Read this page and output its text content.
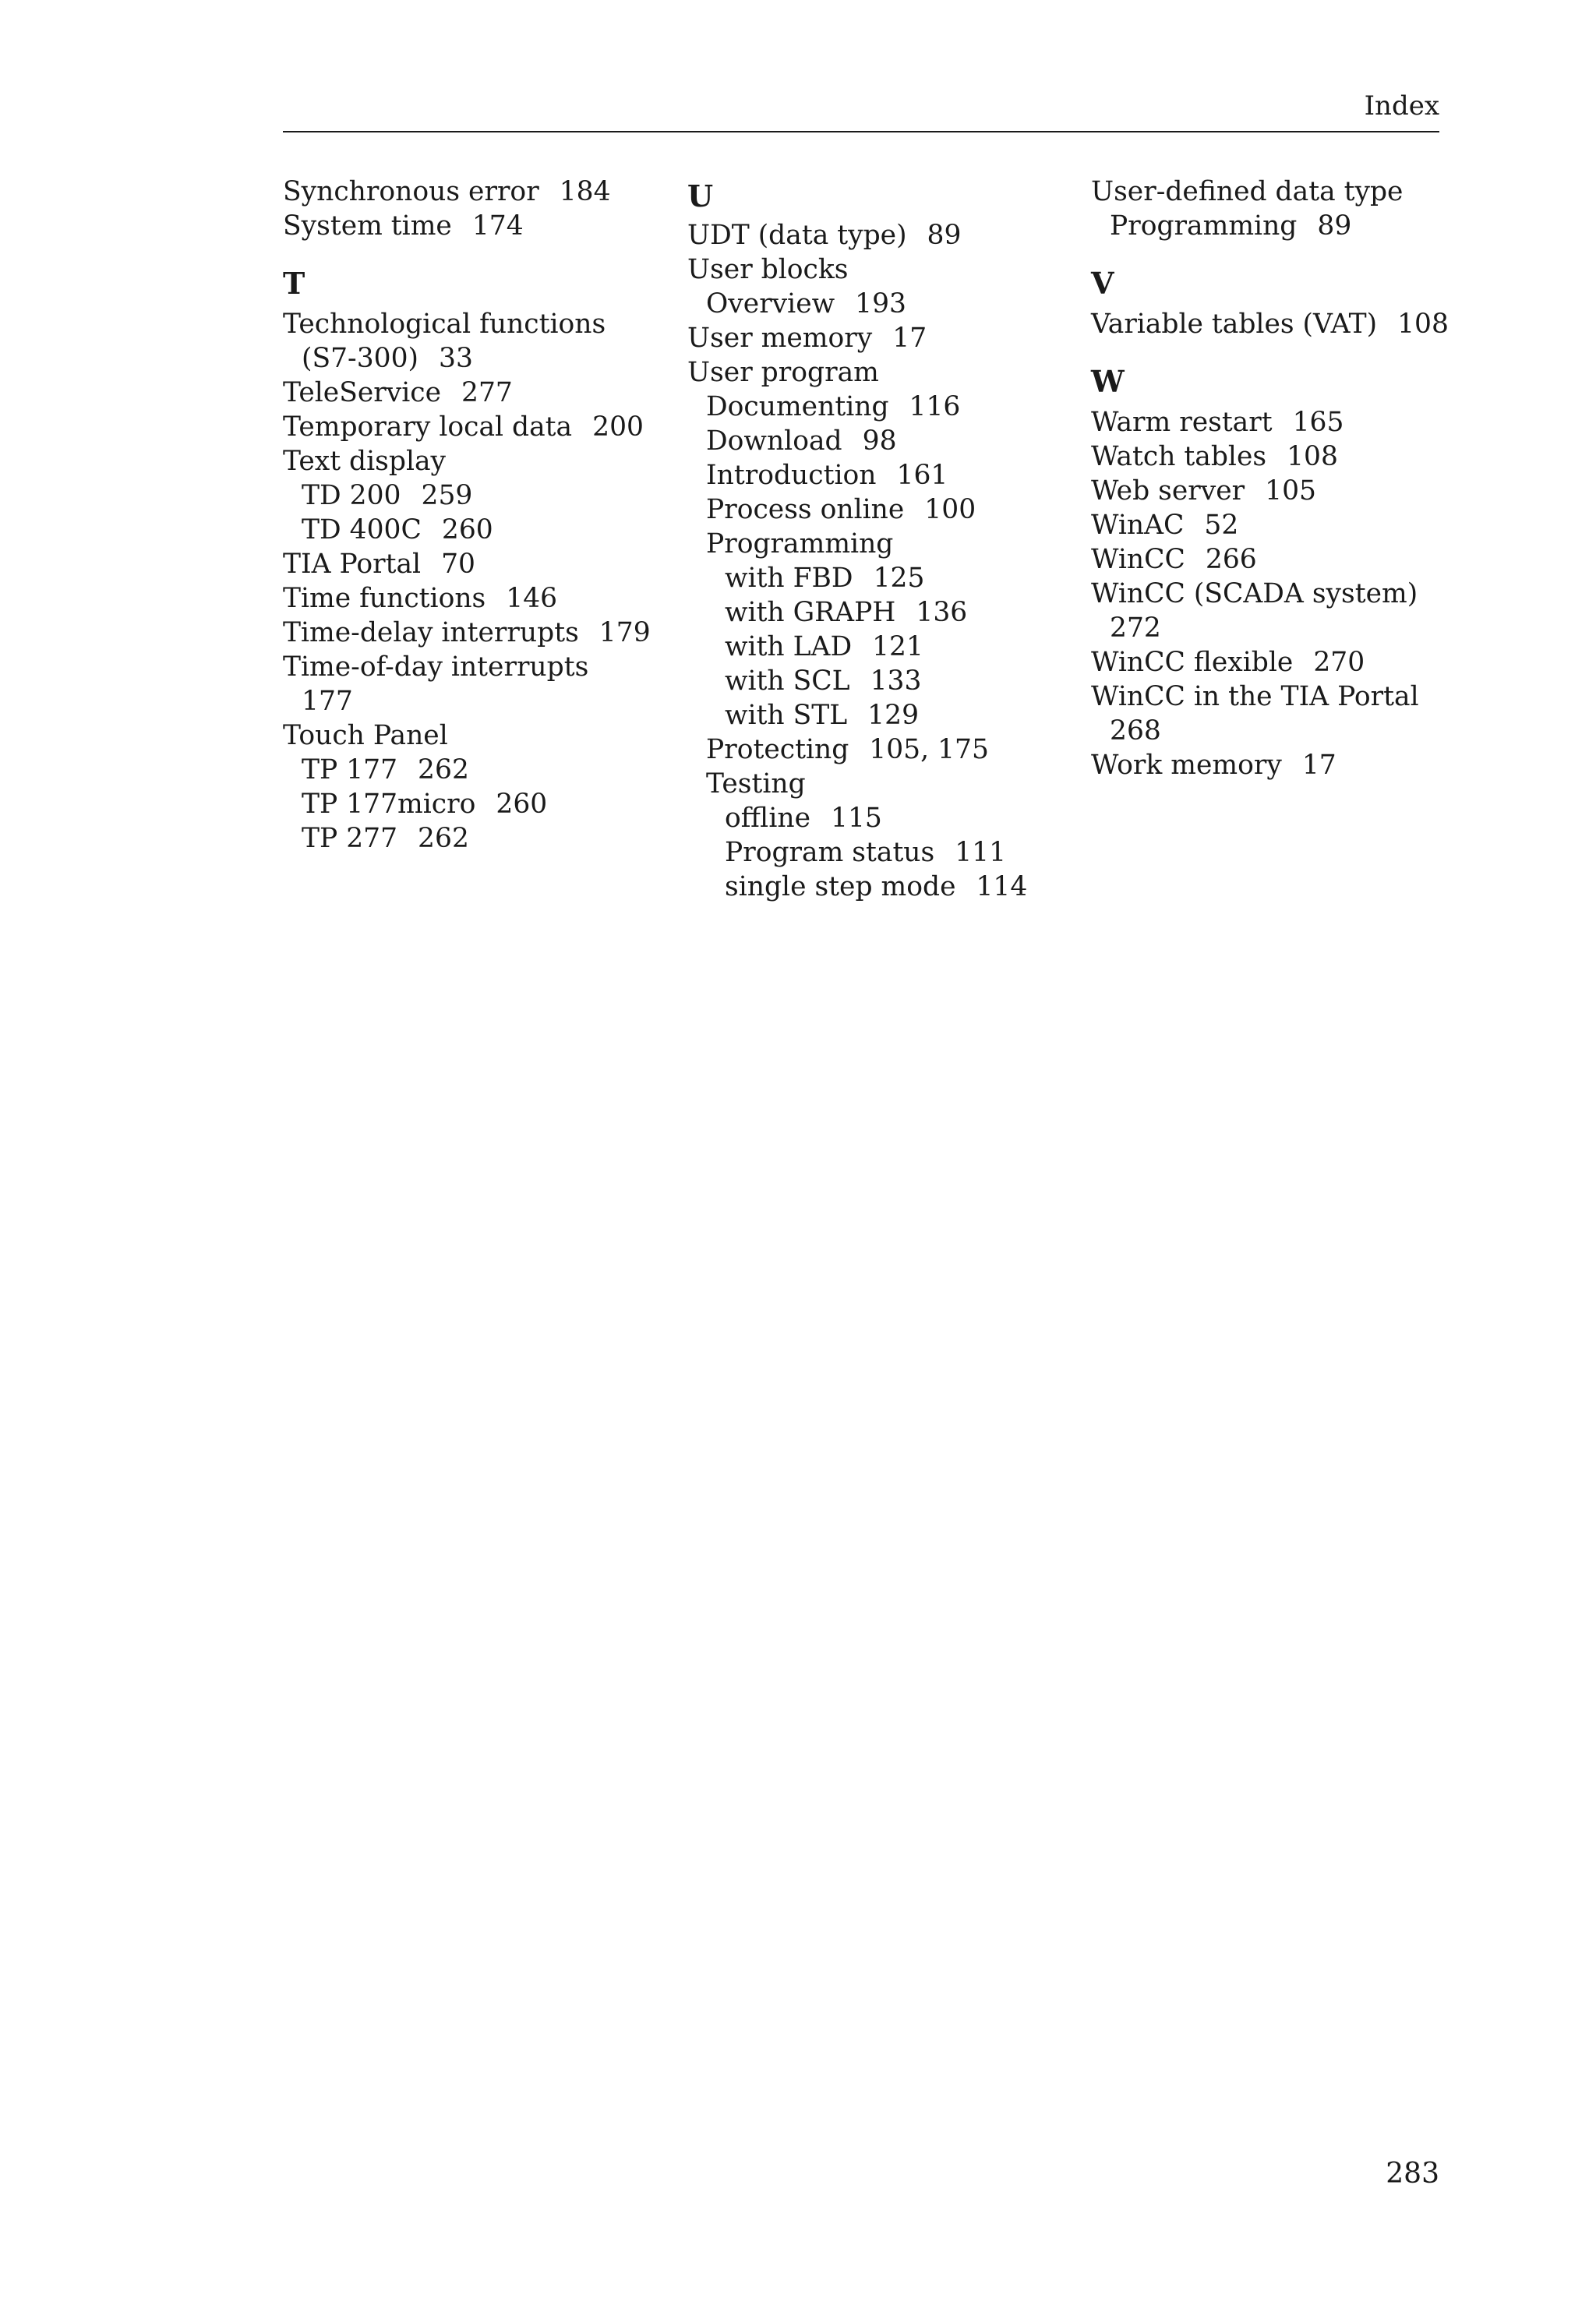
Index
Synchronous error 184
System time 174
T
Technological functions
(S7-300) 33
TeleService 277
Temporary local data 200
Text display
TD 200 259
TD 400C 260
TIA Portal 70
Time functions 146
Time-delay interrupts 179
Time-of-day interrupts
177
Touch Panel
TP 177 262
TP 177micro 260
TP 277 262
U
UDT (data type) 89
User blocks
Overview 193
User memory 17
User program
Documenting 116
Download 98
Introduction 161
Process online 100
Programming
with FBD 125
with GRAPH 136
with LAD 121
with SCL 133
with STL 129
Protecting 105, 175
Testing
offline 115
Program status 111
single step mode 114
User-defined data type
Programming 89
V
Variable tables (VAT) 108
W
Warm restart 165
Watch tables 108
Web server 105
WinAC 52
WinCC 266
WinCC (SCADA system)
272
WinCC flexible 270
WinCC in the TIA Portal
268
Work memory 17
283
